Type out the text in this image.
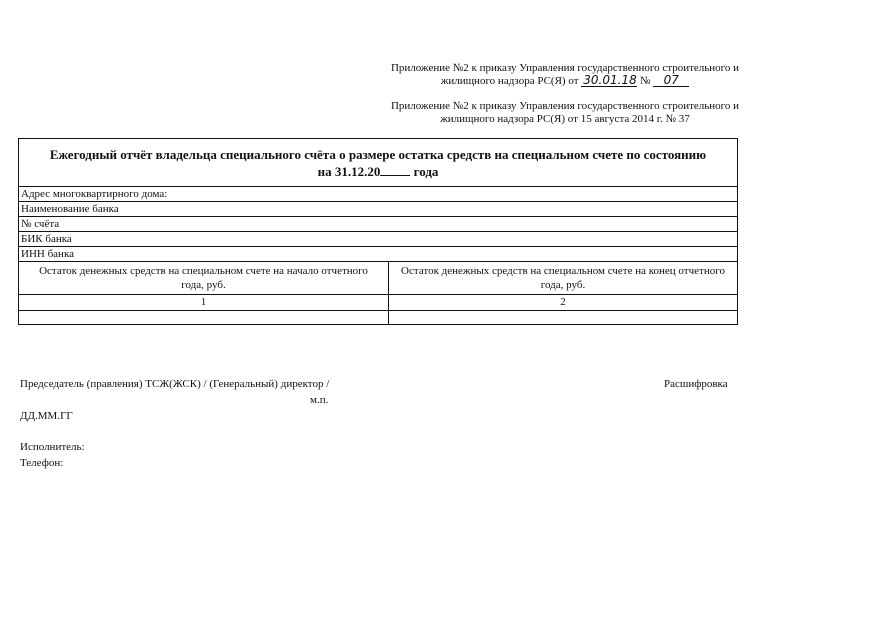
Приложение №2 к приказу Управления государственного строительного и
жилищного надзора РС(Я) от 30.01.18 № 07
Приложение №2 к приказу Управления государственного строительного и
жилищного надзора РС(Я) от 15 августа 2014 г. № 37
Ежегодный отчёт владельца специального счёта о размере остатка средств на специальном счете по состоянию
на 31.12.20 года
Адрес многоквартирного дома:
Наименование банка
№ счёта
БИК банка
ИНН банка
Остаток денежных средств на специальном счете на начало отчетного года, руб.
Остаток денежных средств на специальном счете на конец отчетного года, руб.
1	2
Председатель (правления) ТСЖ(ЖСК) / (Генеральный) директор /	Расшифровка
м.п.
ДД.ММ.ГГ
Исполнитель:
Телефон:
